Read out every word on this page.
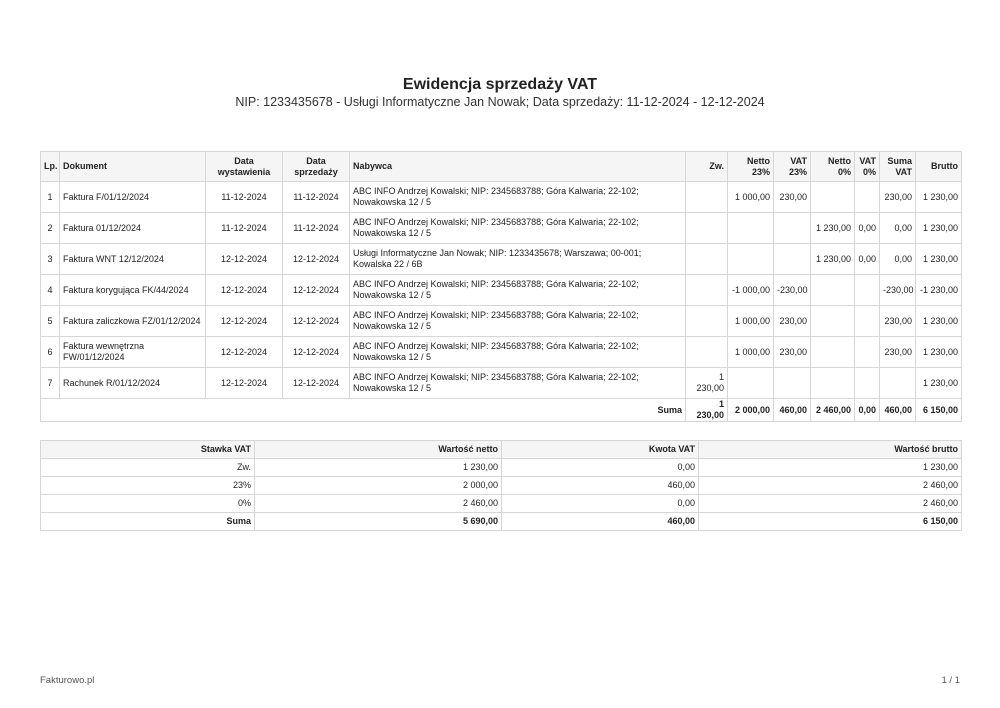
Ewidencja sprzedaży VAT
NIP: 1233435678 - Usługi Informatyczne Jan Nowak; Data sprzedaży: 11-12-2024 - 12-12-2024
Lp.	Dokument	Data wystawienia	Data sprzedaży	Nabywca	Zw.	Netto 23%	VAT 23%	Netto 0%	VAT 0%	Suma VAT	Brutto
1	Faktura F/01/12/2024	11-12-2024	11-12-2024	ABC INFO Andrzej Kowalski; NIP: 2345683788; Góra Kalwaria; 22-102; Nowakowska 12 / 5		1 000,00	230,00			230,00	1 230,00
2	Faktura 01/12/2024	11-12-2024	11-12-2024	ABC INFO Andrzej Kowalski; NIP: 2345683788; Góra Kalwaria; 22-102; Nowakowska 12 / 5				1 230,00	0,00	0,00	1 230,00
3	Faktura WNT 12/12/2024	12-12-2024	12-12-2024	Usługi Informatyczne Jan Nowak; NIP: 1233435678; Warszawa; 00-001; Kowalska 22 / 6B				1 230,00	0,00	0,00	1 230,00
4	Faktura korygująca FK/44/2024	12-12-2024	12-12-2024	ABC INFO Andrzej Kowalski; NIP: 2345683788; Góra Kalwaria; 22-102; Nowakowska 12 / 5		-1 000,00	-230,00			-230,00	-1 230,00
5	Faktura zaliczkowa FZ/01/12/2024	12-12-2024	12-12-2024	ABC INFO Andrzej Kowalski; NIP: 2345683788; Góra Kalwaria; 22-102; Nowakowska 12 / 5		1 000,00	230,00			230,00	1 230,00
6	Faktura wewnętrzna FW/01/12/2024	12-12-2024	12-12-2024	ABC INFO Andrzej Kowalski; NIP: 2345683788; Góra Kalwaria; 22-102; Nowakowska 12 / 5		1 000,00	230,00			230,00	1 230,00
7	Rachunek R/01/12/2024	12-12-2024	12-12-2024	ABC INFO Andrzej Kowalski; NIP: 2345683788; Góra Kalwaria; 22-102; Nowakowska 12 / 5	1 230,00						1 230,00
Suma					1 230,00	2 000,00	460,00	2 460,00	0,00	460,00	6 150,00
Stawka VAT	Wartość netto	Kwota VAT	Wartość brutto
Zw.	1 230,00	0,00	1 230,00
23%	2 000,00	460,00	2 460,00
0%	2 460,00	0,00	2 460,00
Suma	5 690,00	460,00	6 150,00
Fakturowo.pl	1 / 1
